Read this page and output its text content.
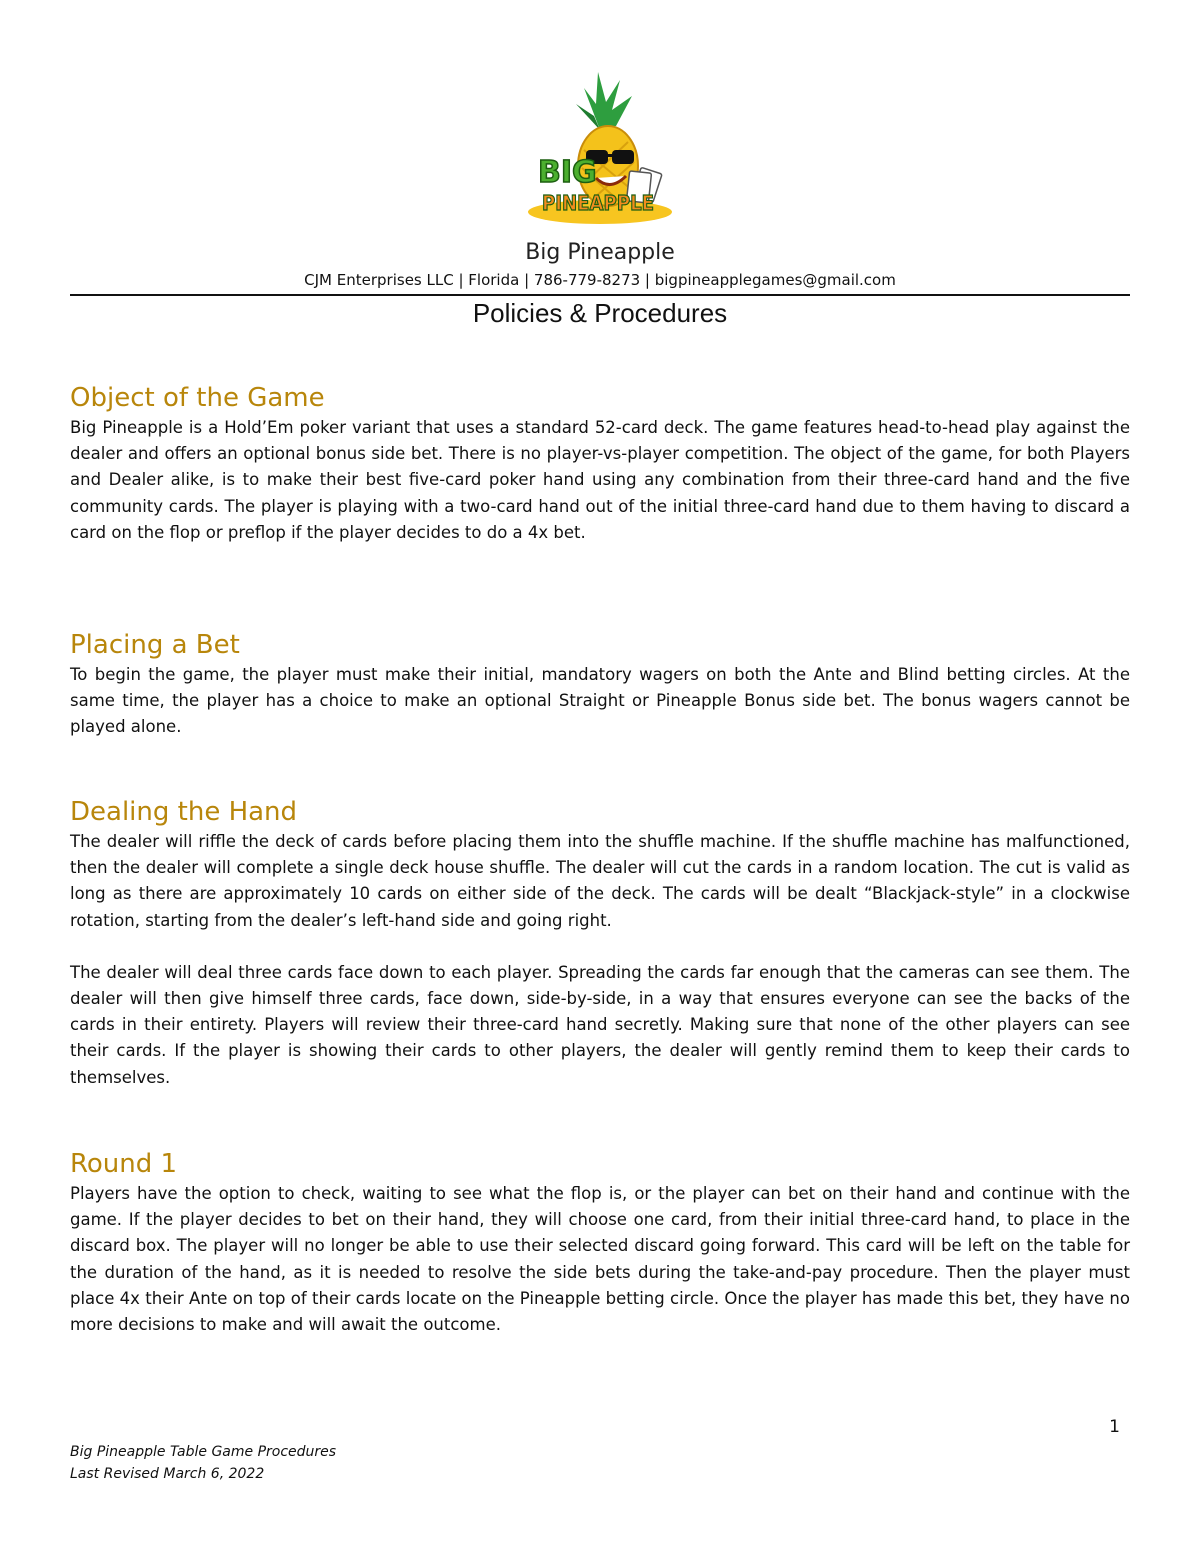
BIG
PINEAPPLE
Big Pineapple
CJM Enterprises LLC | Florida | 786-779-8273 | bigpineapplegames@gmail.com
Policies & Procedures
Object of the Game

Big Pineapple is a Hold’Em poker variant that uses a standard 52-card deck. The game features head-to-head play against the dealer and offers an optional bonus side bet. There is no player-vs-player competition. The object of the game, for both Players and Dealer alike, is to make their best five-card poker hand using any combination from their three-card hand and the five community cards. The player is playing with a two-card hand out of the initial three-card hand due to them having to discard a card on the flop or preflop if the player decides to do a 4x bet.

Placing a Bet

To begin the game, the player must make their initial, mandatory wagers on both the Ante and Blind betting circles. At the same time, the player has a choice to make an optional Straight or Pineapple Bonus side bet. The bonus wagers cannot be played alone.

Dealing the Hand

The dealer will riffle the deck of cards before placing them into the shuffle machine. If the shuffle machine has malfunctioned, then the dealer will complete a single deck house shuffle. The dealer will cut the cards in a random location. The cut is valid as long as there are approximately 10 cards on either side of the deck. The cards will be dealt “Blackjack-style” in a clockwise rotation, starting from the dealer’s left-hand side and going right.

The dealer will deal three cards face down to each player. Spreading the cards far enough that the cameras can see them. The dealer will then give himself three cards, face down, side-by-side, in a way that ensures everyone can see the backs of the cards in their entirety. Players will review their three-card hand secretly. Making sure that none of the other players can see their cards. If the player is showing their cards to other players, the dealer will gently remind them to keep their cards to themselves.

Round 1

Players have the option to check, waiting to see what the flop is, or the player can bet on their hand and continue with the game. If the player decides to bet on their hand, they will choose one card, from their initial three-card hand, to place in the discard box. The player will no longer be able to use their selected discard going forward. This card will be left on the table for the duration of the hand, as it is needed to resolve the side bets during the take-and-pay procedure. Then the player must place 4x their Ante on top of their cards locate on the Pineapple betting circle. Once the player has made this bet, they have no more decisions to make and will await the outcome.

1
Big Pineapple Table Game Procedures
Last Revised March 6, 2022
